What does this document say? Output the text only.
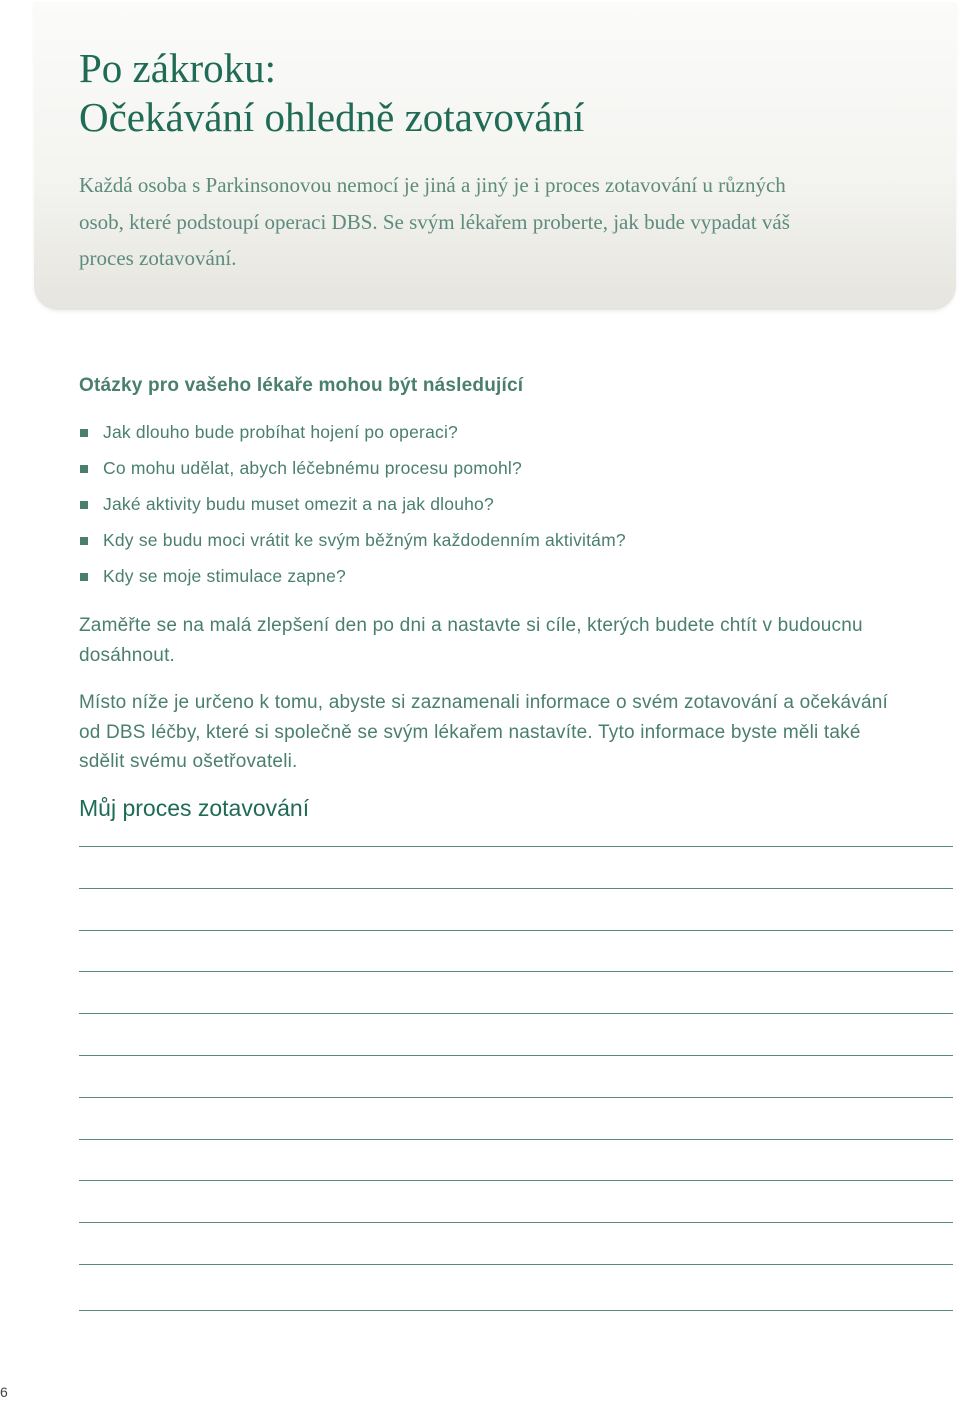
Po zákroku:
Očekávání ohledně zotavování

Každá osoba s Parkinsonovou nemocí je jiná a jiný je i proces zotavování u různých
osob, které podstoupí operaci DBS. Se svým lékařem proberte, jak bude vypadat váš
proces zotavování.

Otázky pro vašeho lékaře mohou být následující
Jak dlouho bude probíhat hojení po operaci?
Co mohu udělat, abych léčebnému procesu pomohl?
Jaké aktivity budu muset omezit a na jak dlouho?
Kdy se budu moci vrátit ke svým běžným každodenním aktivitám?
Kdy se moje stimulace zapne?

Zaměřte se na malá zlepšení den po dni a nastavte si cíle, kterých budete chtít v budoucnu
dosáhnout.

Místo níže je určeno k tomu, abyste si zaznamenali informace o svém zotavování a očekávání
od DBS léčby, které si společně se svým lékařem nastavíte. Tyto informace byste měli také
sdělit svému ošetřovateli.

Můj proces zotavování
6
